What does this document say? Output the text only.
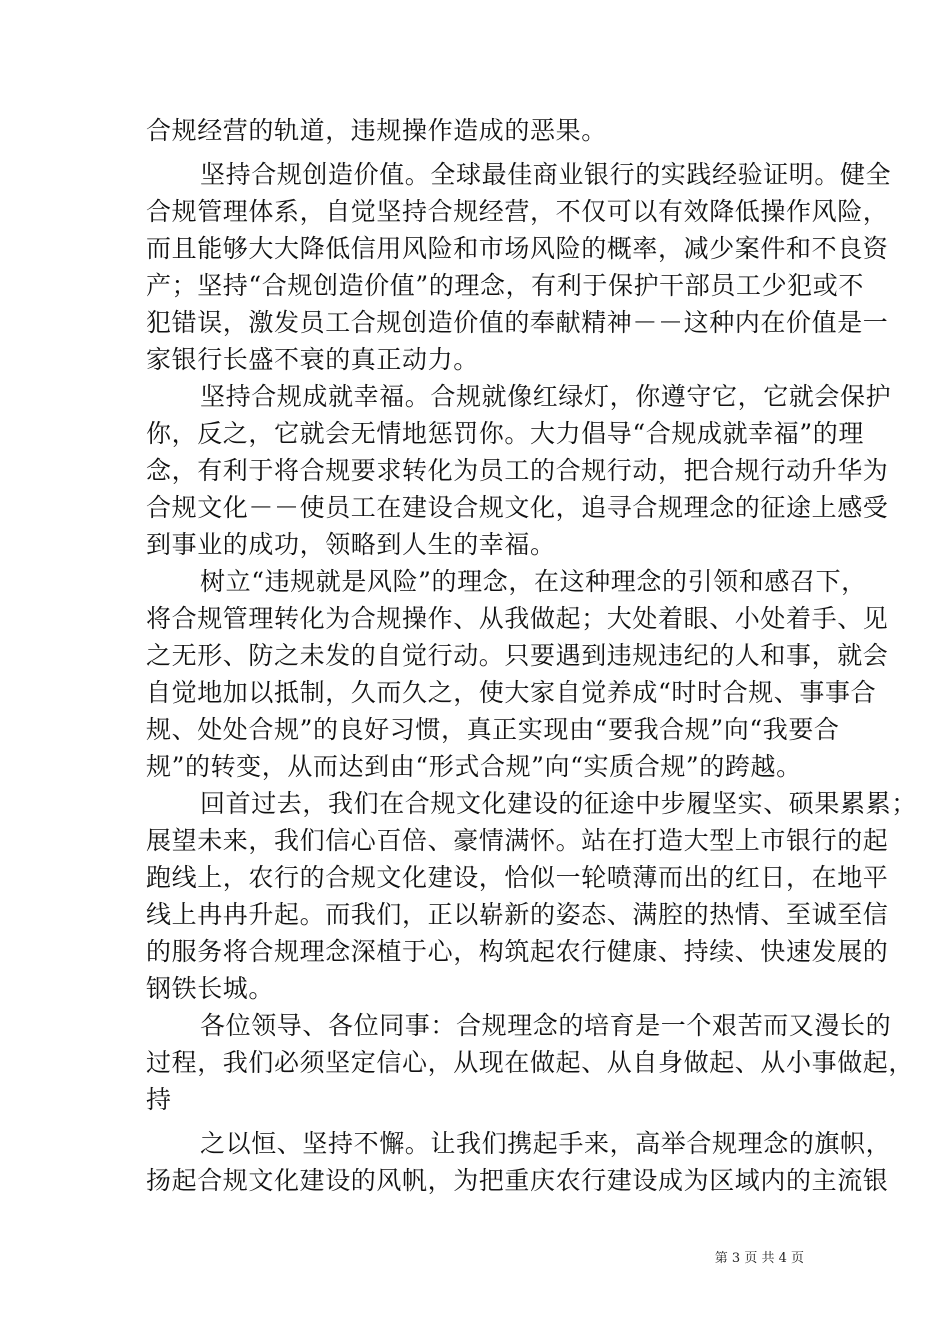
合规经营的轨道，违规操作造成的恶果。
坚持合规创造价值。全球最佳商业银行的实践经验证明。健全
合规管理体系，自觉坚持合规经营，不仅可以有效降低操作风险，
而且能够大大降低信用风险和市场风险的概率，减少案件和不良资
产；坚持“合规创造价值”的理念，有利于保护干部员工少犯或不
犯错误，激发员工合规创造价值的奉献精神－－这种内在价值是一
家银行长盛不衰的真正动力。
坚持合规成就幸福。合规就像红绿灯，你遵守它，它就会保护
你，反之，它就会无情地惩罚你。大力倡导“合规成就幸福”的理
念，有利于将合规要求转化为员工的合规行动，把合规行动升华为
合规文化－－使员工在建设合规文化，追寻合规理念的征途上感受
到事业的成功，领略到人生的幸福。
树立“违规就是风险”的理念，在这种理念的引领和感召下，
将合规管理转化为合规操作、从我做起；大处着眼、小处着手、见
之无形、防之未发的自觉行动。只要遇到违规违纪的人和事，就会
自觉地加以抵制，久而久之，使大家自觉养成“时时合规、事事合
规、处处合规”的良好习惯，真正实现由“要我合规”向“我要合
规”的转变，从而达到由“形式合规”向“实质合规”的跨越。
回首过去，我们在合规文化建设的征途中步履坚实、硕果累累；
展望未来，我们信心百倍、豪情满怀。站在打造大型上市银行的起
跑线上，农行的合规文化建设，恰似一轮喷薄而出的红日，在地平
线上冉冉升起。而我们，正以崭新的姿态、满腔的热情、至诚至信
的服务将合规理念深植于心，构筑起农行健康、持续、快速发展的
钢铁长城。
各位领导、各位同事：合规理念的培育是一个艰苦而又漫长的
过程，我们必须坚定信心，从现在做起、从自身做起、从小事做起，
持
之以恒、坚持不懈。让我们携起手来，高举合规理念的旗帜，
扬起合规文化建设的风帆，为把重庆农行建设成为区域内的主流银
第 3 页 共 4 页
